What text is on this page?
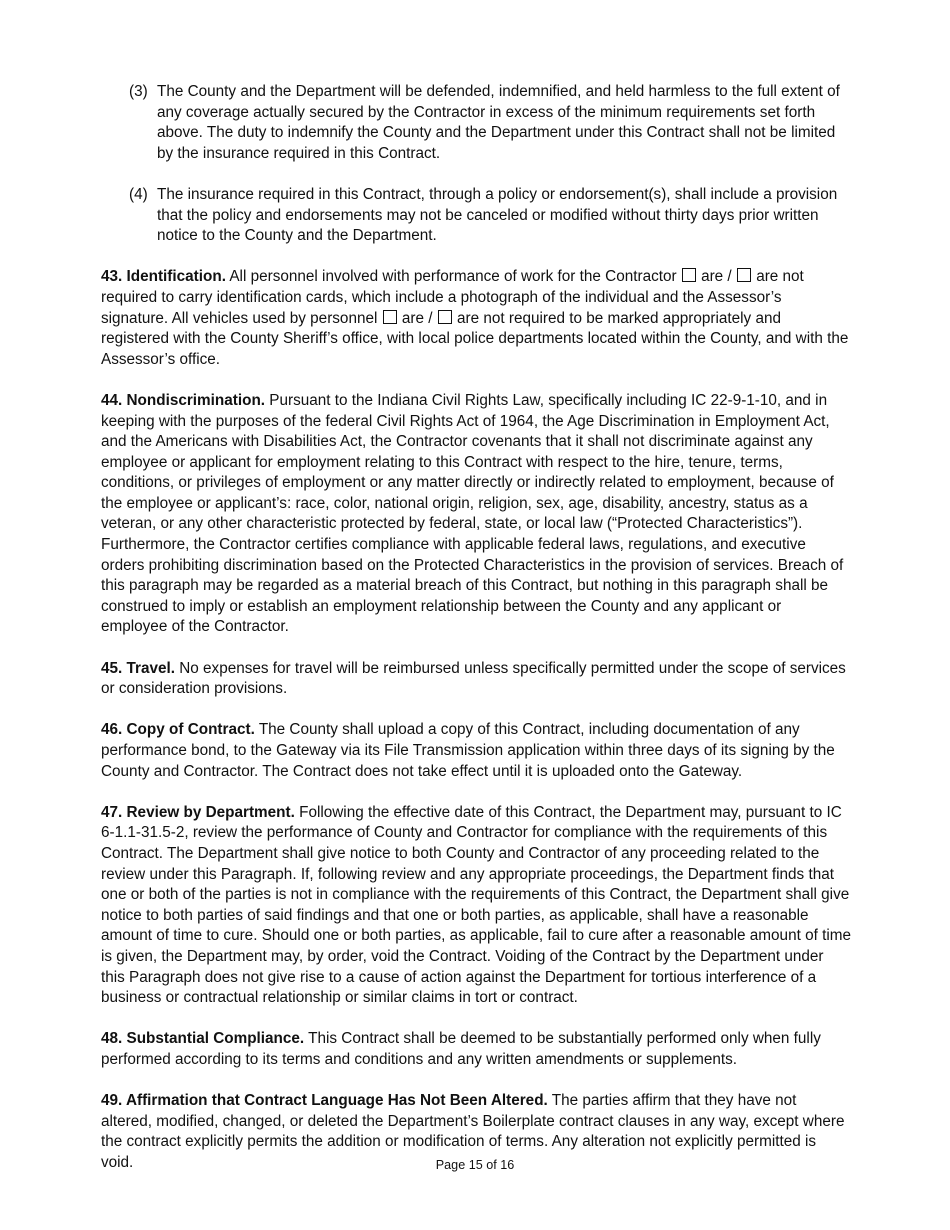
(3) The County and the Department will be defended, indemnified, and held harmless to the full extent of any coverage actually secured by the Contractor in excess of the minimum requirements set forth above. The duty to indemnify the County and the Department under this Contract shall not be limited by the insurance required in this Contract.
(4) The insurance required in this Contract, through a policy or endorsement(s), shall include a provision that the policy and endorsements may not be canceled or modified without thirty days prior written notice to the County and the Department.

43. Identification. All personnel involved with performance of work for the Contractor are / are not required to carry identification cards, which include a photograph of the individual and the Assessor’s signature. All vehicles used by personnel are / are not required to be marked appropriately and registered with the County Sheriff’s office, with local police departments located within the County, and with the Assessor’s office.

44. Nondiscrimination. Pursuant to the Indiana Civil Rights Law, specifically including IC 22-9-1-10, and in keeping with the purposes of the federal Civil Rights Act of 1964, the Age Discrimination in Employment Act, and the Americans with Disabilities Act, the Contractor covenants that it shall not discriminate against any employee or applicant for employment relating to this Contract with respect to the hire, tenure, terms, conditions, or privileges of employment or any matter directly or indirectly related to employment, because of the employee or applicant’s: race, color, national origin, religion, sex, age, disability, ancestry, status as a veteran, or any other characteristic protected by federal, state, or local law (“Protected Characteristics”). Furthermore, the Contractor certifies compliance with applicable federal laws, regulations, and executive orders prohibiting discrimination based on the Protected Characteristics in the provision of services. Breach of this paragraph may be regarded as a material breach of this Contract, but nothing in this paragraph shall be construed to imply or establish an employment relationship between the County and any applicant or employee of the Contractor.

45. Travel. No expenses for travel will be reimbursed unless specifically permitted under the scope of services or consideration provisions.

46. Copy of Contract. The County shall upload a copy of this Contract, including documentation of any performance bond, to the Gateway via its File Transmission application within three days of its signing by the County and Contractor. The Contract does not take effect until it is uploaded onto the Gateway.

47. Review by Department. Following the effective date of this Contract, the Department may, pursuant to IC 6-1.1-31.5-2, review the performance of County and Contractor for compliance with the requirements of this Contract. The Department shall give notice to both County and Contractor of any proceeding related to the review under this Paragraph. If, following review and any appropriate proceedings, the Department finds that one or both of the parties is not in compliance with the requirements of this Contract, the Department shall give notice to both parties of said findings and that one or both parties, as applicable, shall have a reasonable amount of time to cure. Should one or both parties, as applicable, fail to cure after a reasonable amount of time is given, the Department may, by order, void the Contract. Voiding of the Contract by the Department under this Paragraph does not give rise to a cause of action against the Department for tortious interference of a business or contractual relationship or similar claims in tort or contract.

48. Substantial Compliance. This Contract shall be deemed to be substantially performed only when fully performed according to its terms and conditions and any written amendments or supplements.

49. Affirmation that Contract Language Has Not Been Altered. The parties affirm that they have not altered, modified, changed, or deleted the Department’s Boilerplate contract clauses in any way, except where the contract explicitly permits the addition or modification of terms. Any alteration not explicitly permitted is void.	Page 15 of 16
